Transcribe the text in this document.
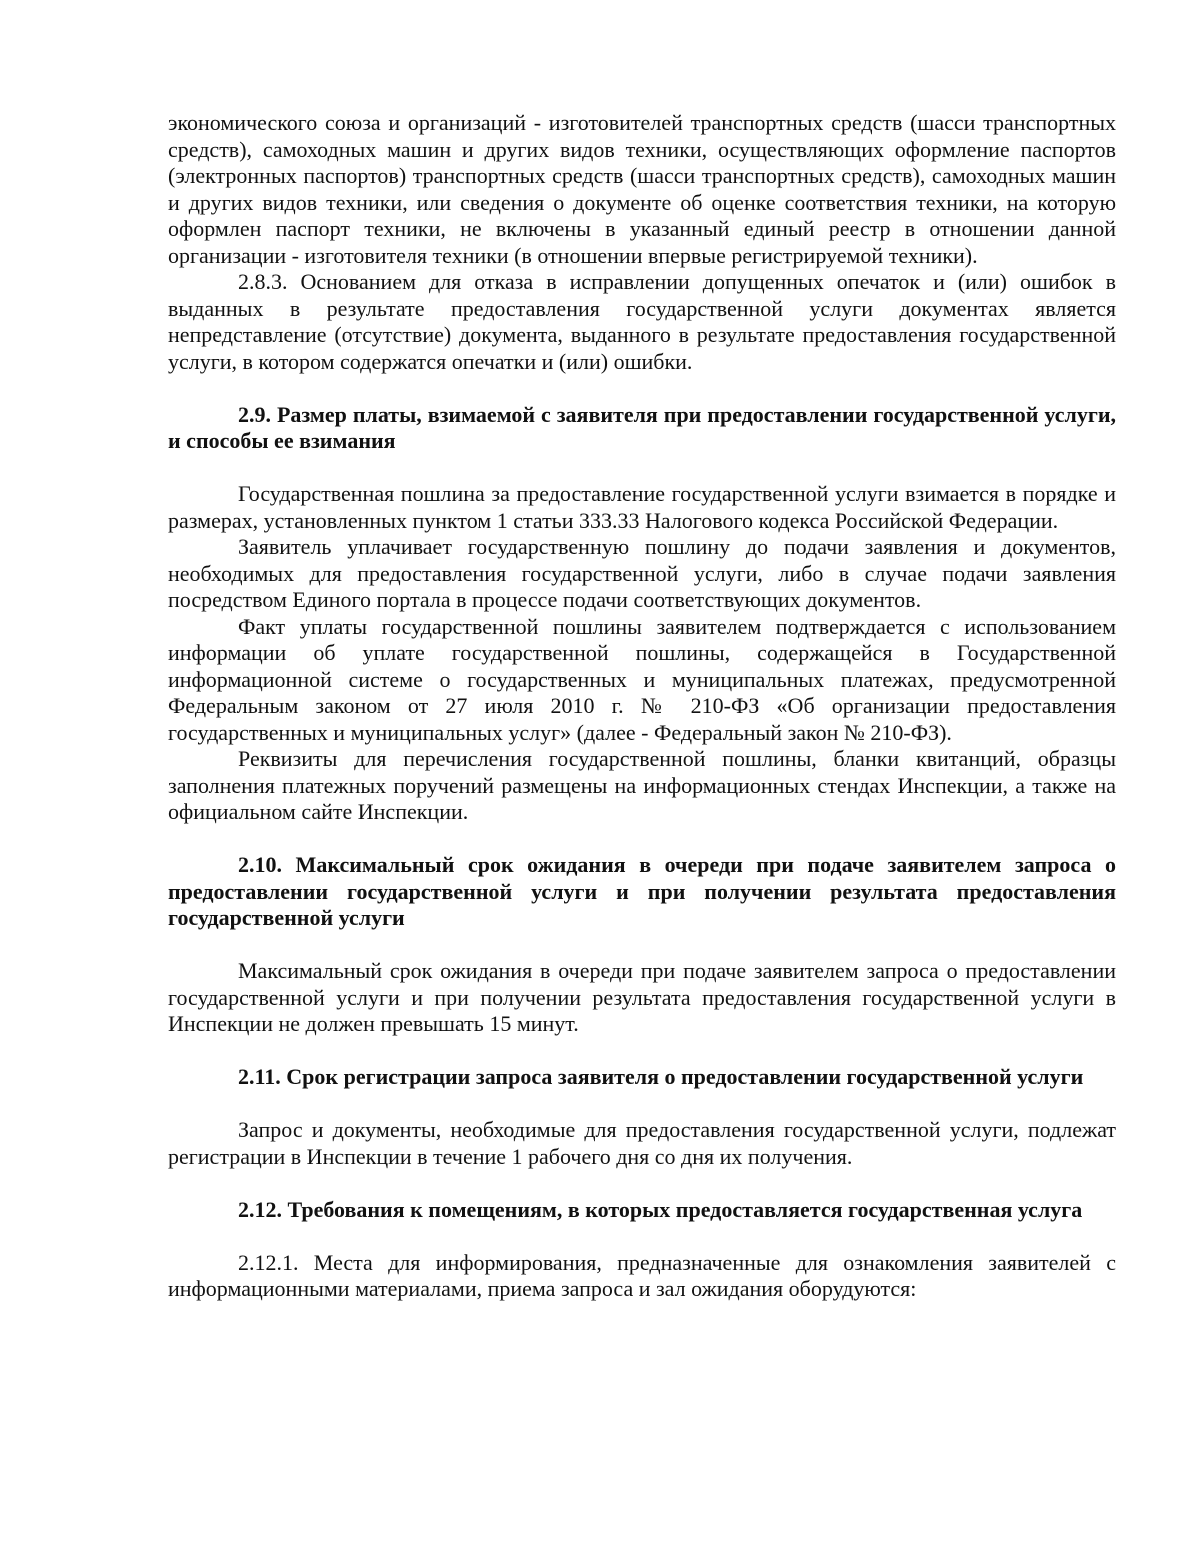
экономического союза и организаций - изготовителей транспортных средств (шасси транспортных средств), самоходных машин и других видов техники, осуществляющих оформление паспортов (электронных паспортов) транспортных средств (шасси транспортных средств), самоходных машин и других видов техники, или сведения о документе об оценке соответствия техники, на которую оформлен паспорт техники, не включены в указанный единый реестр в отношении данной организации - изготовителя техники (в отношении впервые регистрируемой техники).

2.8.3. Основанием для отказа в исправлении допущенных опечаток и (или) ошибок в выданных в результате предоставления государственной услуги документах является непредставление (отсутствие) документа, выданного в результате предоставления государственной услуги, в котором содержатся опечатки и (или) ошибки.

2.9. Размер платы, взимаемой с заявителя при предоставлении государственной услуги, и способы ее взимания

Государственная пошлина за предоставление государственной услуги взимается в порядке и размерах, установленных пунктом 1 статьи 333.33 Налогового кодекса Российской Федерации.

Заявитель уплачивает государственную пошлину до подачи заявления и документов, необходимых для предоставления государственной услуги, либо в случае подачи заявления посредством Единого портала в процессе подачи соответствующих документов.

Факт уплаты государственной пошлины заявителем подтверждается с использованием информации об уплате государственной пошлины, содержащейся в Государственной информационной системе о государственных и муниципальных платежах, предусмотренной Федеральным законом от 27 июля 2010 г. № 210-ФЗ «Об организации предоставления государственных и муниципальных услуг» (далее - Федеральный закон № 210-ФЗ).

Реквизиты для перечисления государственной пошлины, бланки квитанций, образцы заполнения платежных поручений размещены на информационных стендах Инспекции, а также на официальном сайте Инспекции.

2.10. Максимальный срок ожидания в очереди при подаче заявителем запроса о предоставлении государственной услуги и при получении результата предоставления государственной услуги

Максимальный срок ожидания в очереди при подаче заявителем запроса о предоставлении государственной услуги и при получении результата предоставления государственной услуги в Инспекции не должен превышать 15 минут.

2.11. Срок регистрации запроса заявителя о предоставлении государственной услуги

Запрос и документы, необходимые для предоставления государственной услуги, подлежат регистрации в Инспекции в течение 1 рабочего дня со дня их получения.

2.12. Требования к помещениям, в которых предоставляется государственная услуга

2.12.1. Места для информирования, предназначенные для ознакомления заявителей с информационными материалами, приема запроса и зал ожидания оборудуются:
